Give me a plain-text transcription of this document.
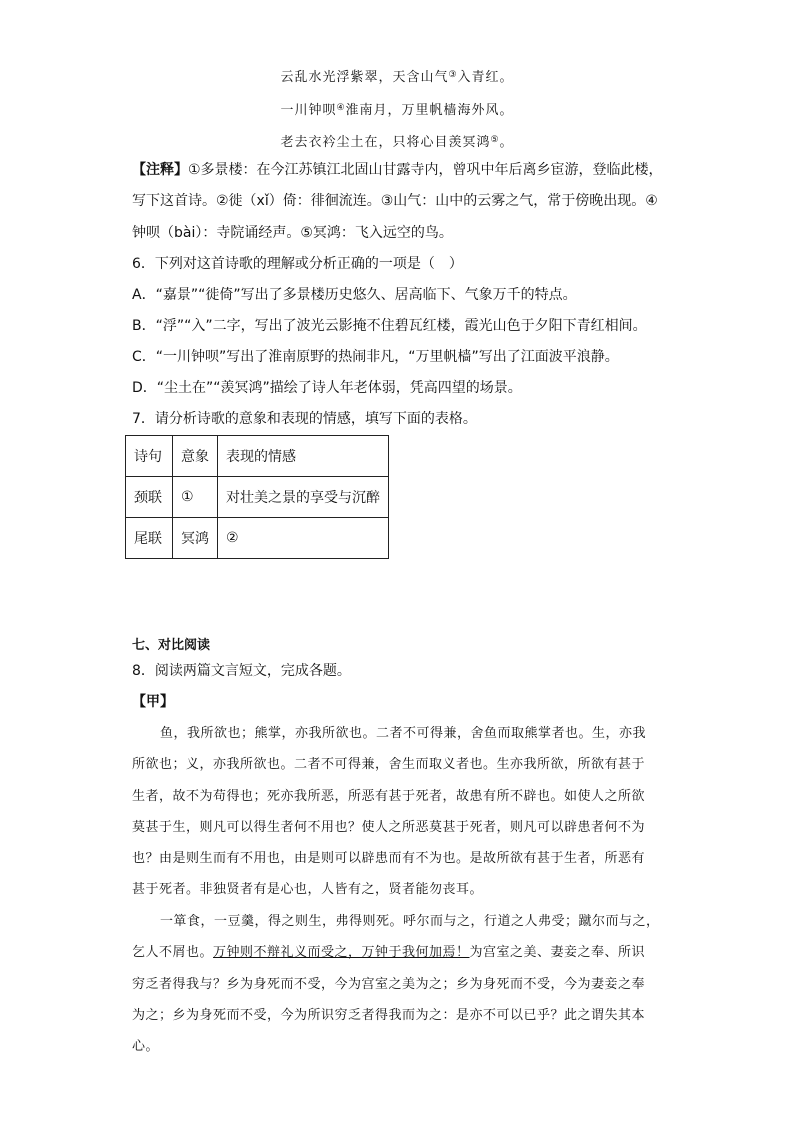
云乱水光浮紫翠，天含山气③入青红。
一川钟呗④淮南月，万里帆樯海外风。
老去衣衿尘土在，只将心目羡冥鸿⑤。
【注释】①多景楼：在今江苏镇江北固山甘露寺内，曾巩中年后离乡宦游，登临此楼，
写下这首诗。②徙（xǐ）倚：徘徊流连。③山气：山中的云雾之气，常于傍晚出现。④
钟呗（bài）：寺院诵经声。⑤冥鸿：飞入远空的鸟。
6．下列对这首诗歌的理解或分析正确的一项是（　）
A．“嘉景”“徙倚”写出了多景楼历史悠久、居高临下、气象万千的特点。
B．“浮”“入”二字，写出了波光云影掩不住碧瓦红楼，霞光山色于夕阳下青红相间。
C．“一川钟呗”写出了淮南原野的热闹非凡，“万里帆樯”写出了江面波平浪静。
D．“尘土在”“羡冥鸿”描绘了诗人年老体弱，凭高四望的场景。
7．请分析诗歌的意象和表现的情感，填写下面的表格。
诗句	意象	表现的情感
颈联	①	对壮美之景的享受与沉醉
尾联	冥鸿	②
七、对比阅读
8．阅读两篇文言短文，完成各题。
【甲】
鱼，我所欲也；熊掌，亦我所欲也。二者不可得兼，舍鱼而取熊掌者也。生，亦我
所欲也；义，亦我所欲也。二者不可得兼，舍生而取义者也。生亦我所欲，所欲有甚于
生者，故不为苟得也；死亦我所恶，所恶有甚于死者，故患有所不辟也。如使人之所欲
莫甚于生，则凡可以得生者何不用也？使人之所恶莫甚于死者，则凡可以辟患者何不为
也？由是则生而有不用也，由是则可以辟患而有不为也。是故所欲有甚于生者，所恶有
甚于死者。非独贤者有是心也，人皆有之，贤者能勿丧耳。
一箪食，一豆羹，得之则生，弗得则死。呼尔而与之，行道之人弗受；蹴尔而与之，
乞人不屑也。万钟则不辩礼义而受之，万钟于我何加焉！为宫室之美、妻妾之奉、所识
穷乏者得我与？乡为身死而不受，今为宫室之美为之；乡为身死而不受，今为妻妾之奉
为之；乡为身死而不受，今为所识穷乏者得我而为之：是亦不可以已乎？此之谓失其本
心。
